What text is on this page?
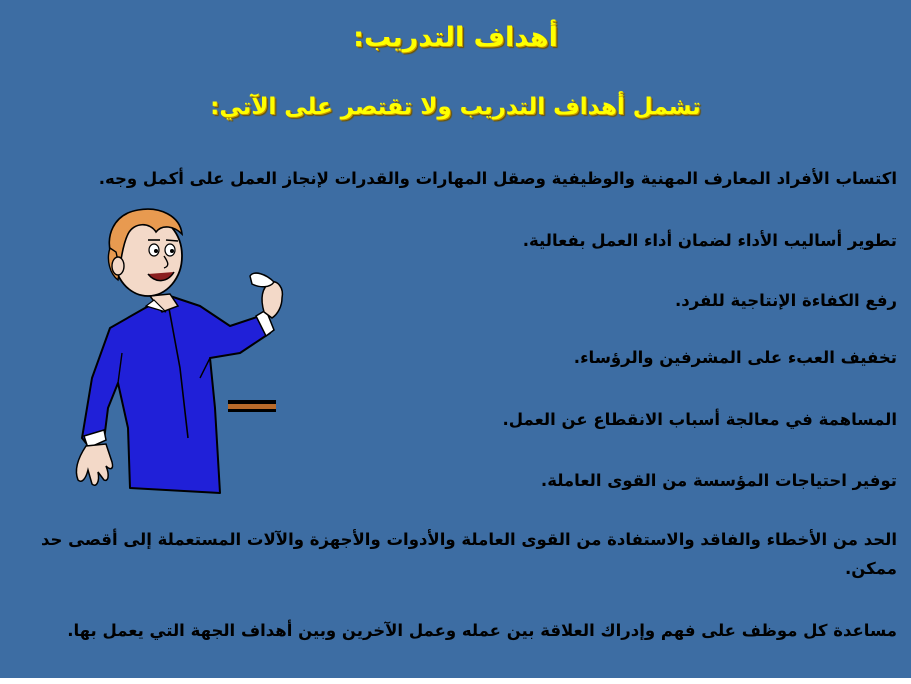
أهداف التدريب:
تشمل أهداف التدريب ولا تقتصر على الآتي:
اكتساب الأفراد المعارف المهنية والوظيفية وصقل المهارات والقدرات لإنجاز العمل على أكمل وجه.
تطوير أساليب الأداء لضمان أداء العمل بفعالية.
رفع الكفاءة الإنتاجية للفرد.
تخفيف العبء على المشرفين والرؤساء.
المساهمة في معالجة أسباب الانقطاع عن العمل.
توفير احتياجات المؤسسة من القوى العاملة.
الحد من الأخطاء والفاقد والاستفادة من القوى العاملة والأدوات والأجهزة والآلات المستعملة إلى أقصى حد ممكن.
مساعدة كل موظف على فهم وإدراك العلاقة بين عمله وعمل الآخرين وبين أهداف الجهة التي يعمل بها.
